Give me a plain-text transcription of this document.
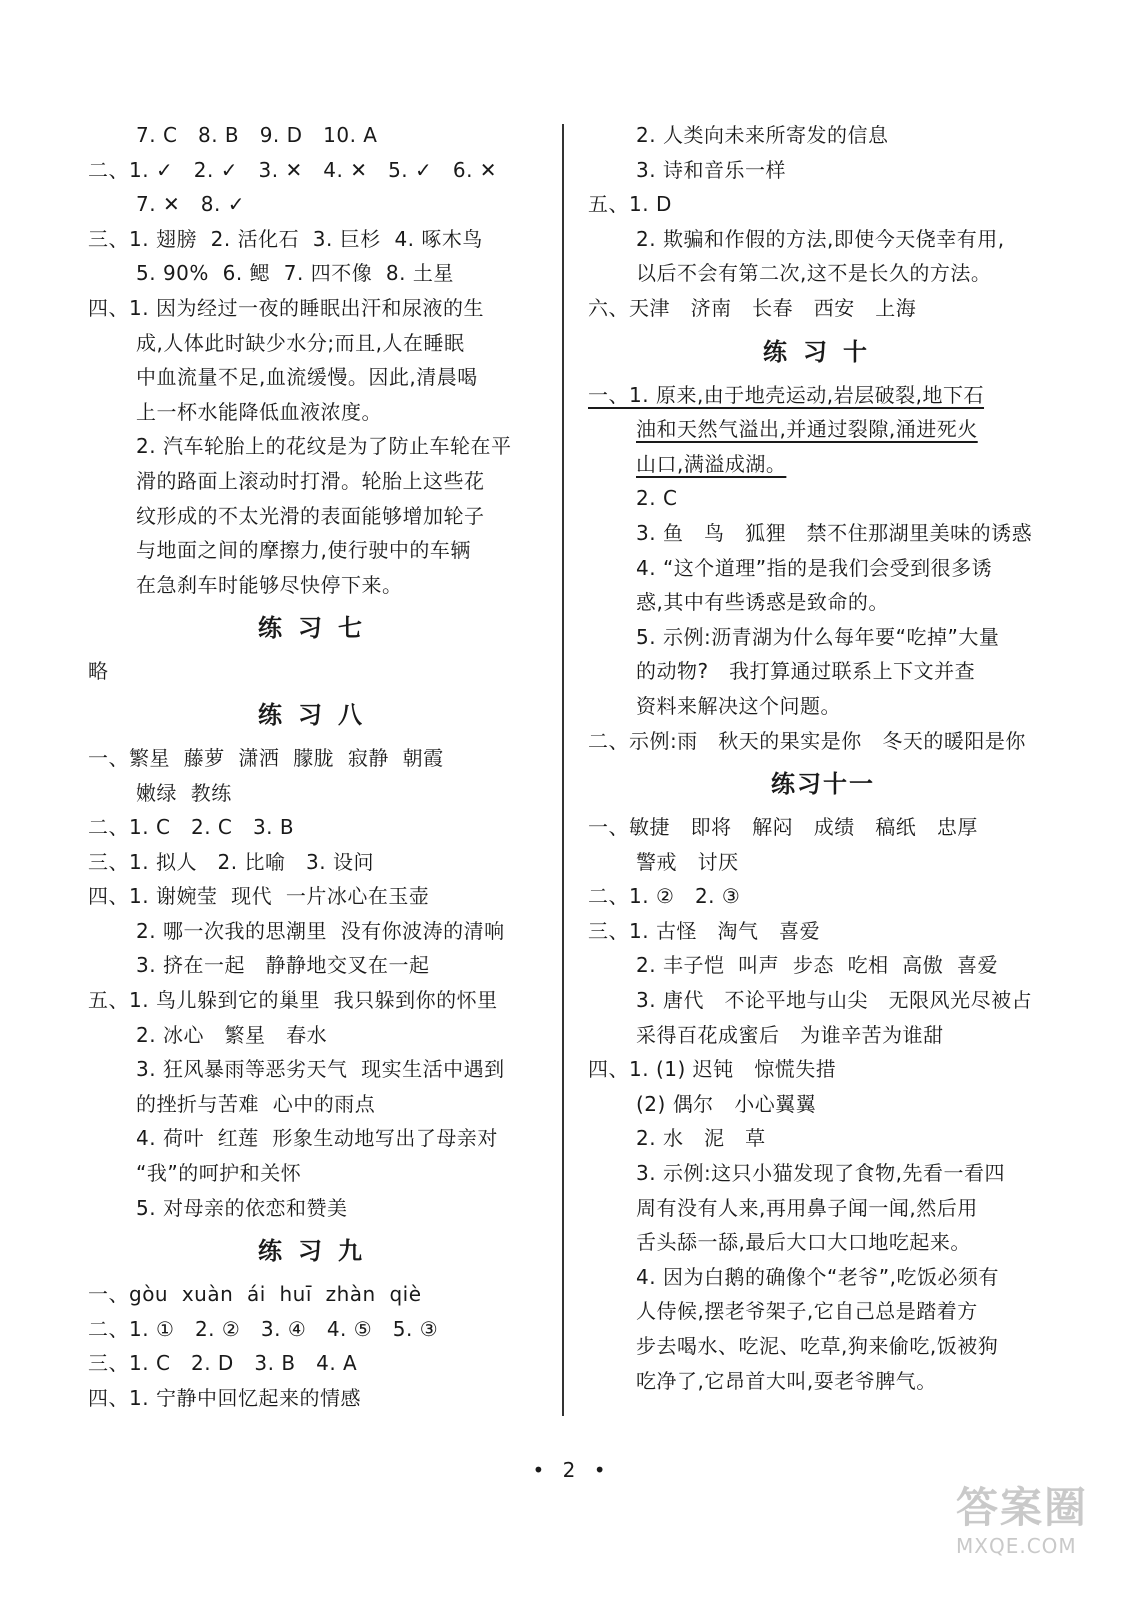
7. C   8. B   9. D   10. A
二、1. ✓   2. ✓   3. ✕   4. ✕   5. ✓   6. ✕
7. ✕   8. ✓
三、1. 翅膀  2. 活化石  3. 巨杉  4. 啄木鸟
5. 90%  6. 鳃  7. 四不像  8. 土星
四、1. 因为经过一夜的睡眠出汗和尿液的生
成,人体此时缺少水分;而且,人在睡眠
中血流量不足,血流缓慢。因此,清晨喝
上一杯水能降低血液浓度。
2. 汽车轮胎上的花纹是为了防止车轮在平
滑的路面上滚动时打滑。轮胎上这些花
纹形成的不太光滑的表面能够增加轮子
与地面之间的摩擦力,使行驶中的车辆
在急刹车时能够尽快停下来。
练习七
略
练习八
一、繁星  藤萝  潇洒  朦胧  寂静  朝霞
嫩绿  教练
二、1. C   2. C   3. B
三、1. 拟人   2. 比喻   3. 设问
四、1. 谢婉莹  现代  一片冰心在玉壶
2. 哪一次我的思潮里  没有你波涛的清响
3. 挤在一起   静静地交叉在一起
五、1. 鸟儿躲到它的巢里  我只躲到你的怀里
2. 冰心   繁星   春水
3. 狂风暴雨等恶劣天气  现实生活中遇到
的挫折与苦难  心中的雨点
4. 荷叶  红莲  形象生动地写出了母亲对
“我”的呵护和关怀
5. 对母亲的依恋和赞美
练习九
一、gòu  xuàn  ái  huī  zhàn  qiè
二、1. ①   2. ②   3. ④   4. ⑤   5. ③
三、1. C   2. D   3. B   4. A
四、1. 宁静中回忆起来的情感
2. 人类向未来所寄发的信息
3. 诗和音乐一样
五、1. D
2. 欺骗和作假的方法,即使今天侥幸有用,
以后不会有第二次,这不是长久的方法。
六、天津   济南   长春   西安   上海
练习十
一、1. 原来,由于地壳运动,岩层破裂,地下石
油和天然气溢出,并通过裂隙,涌进死火
山口,满溢成湖。
2. C
3. 鱼   鸟   狐狸   禁不住那湖里美味的诱惑
4. “这个道理”指的是我们会受到很多诱
惑,其中有些诱惑是致命的。
5. 示例:沥青湖为什么每年要“吃掉”大量
的动物?   我打算通过联系上下文并查
资料来解决这个问题。
二、示例:雨   秋天的果实是你   冬天的暖阳是你
练习十一
一、敏捷   即将   解闷   成绩   稿纸   忠厚
警戒   讨厌
二、1. ②   2. ③
三、1. 古怪   淘气   喜爱
2. 丰子恺  叫声  步态  吃相  高傲  喜爱
3. 唐代   不论平地与山尖   无限风光尽被占
采得百花成蜜后   为谁辛苦为谁甜
四、1. (1) 迟钝   惊慌失措
(2) 偶尔   小心翼翼
2. 水   泥   草
3. 示例:这只小猫发现了食物,先看一看四
周有没有人来,再用鼻子闻一闻,然后用
舌头舔一舔,最后大口大口地吃起来。
4. 因为白鹅的确像个“老爷”,吃饭必须有
人侍候,摆老爷架子,它自己总是踏着方
步去喝水、吃泥、吃草,狗来偷吃,饭被狗
吃净了,它昂首大叫,耍老爷脾气。
• 2 •
答案圈
MXQE.COM
